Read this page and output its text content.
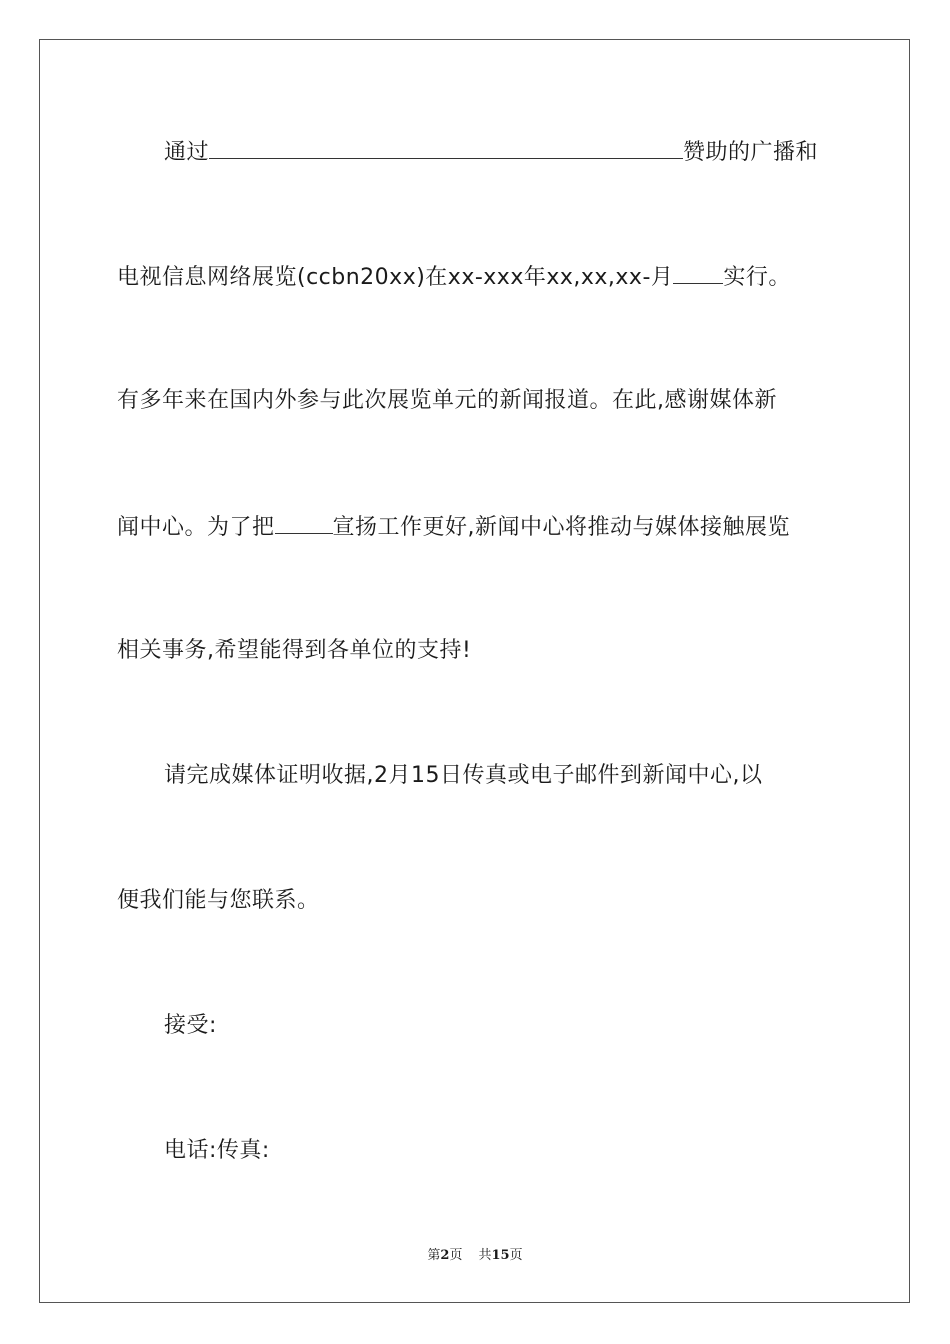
通过	赞助的广播和
电视信息网络展览(ccbn20xx)在xx-xxx年xx,xx,xx-月 实行。
有多年来在国内外参与此次展览单元的新闻报道。在此,感谢媒体新
闻中心。为了把	宣扬工作更好,新闻中心将推动与媒体接触展览
相关事务,希望能得到各单位的支持!
请完成媒体证明收据,2月15日传真或电子邮件到新闻中心,以
便我们能与您联系。
接受:
电话:传真:
第2页 共15页
